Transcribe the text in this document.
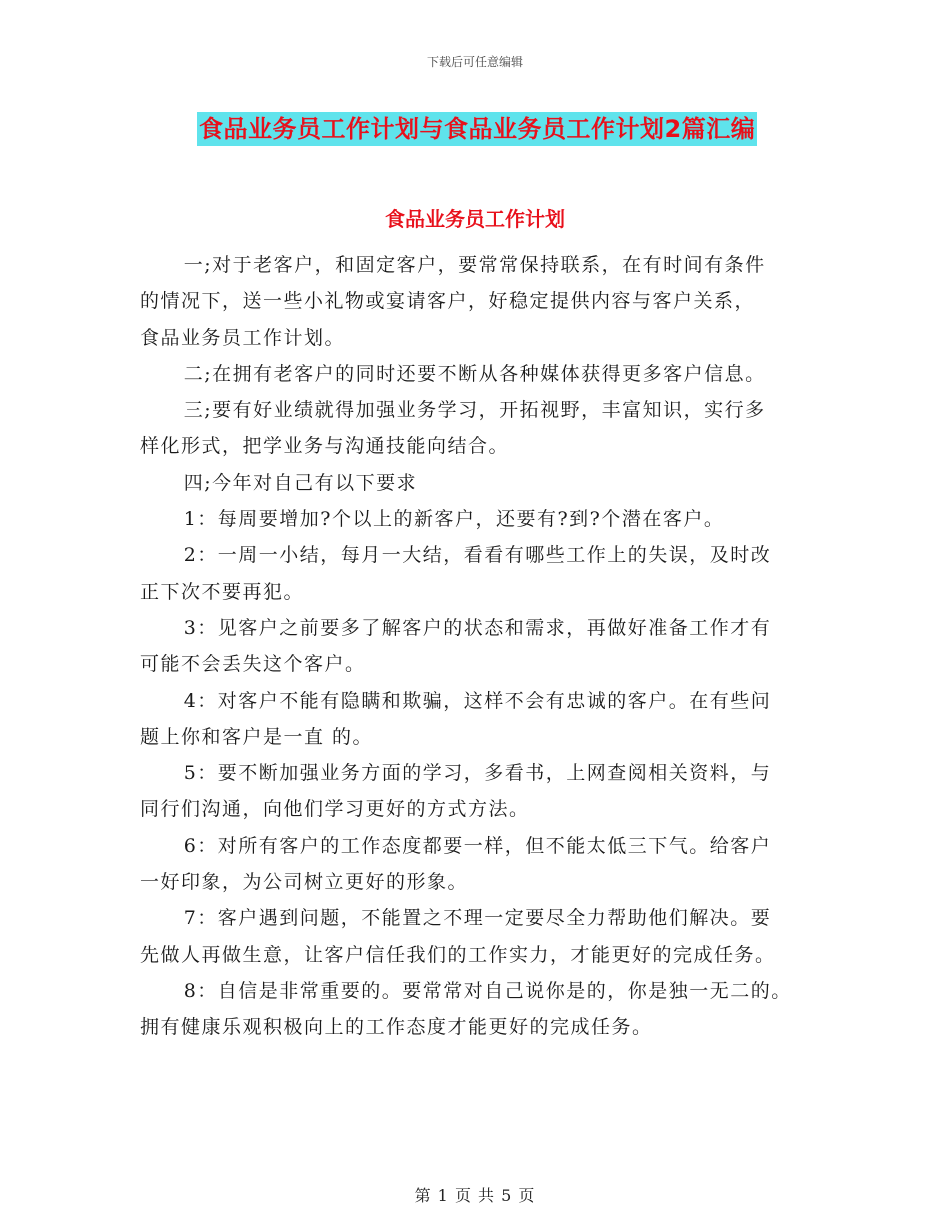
下载后可任意编辑
食品业务员工作计划与食品业务员工作计划2篇汇编
食品业务员工作计划

一;对于老客户，和固定客户，要常常保持联系，在有时间有条件

的情况下，送一些小礼物或宴请客户，好稳定提供内容与客户关系，

食品业务员工作计划。

二;在拥有老客户的同时还要不断从各种媒体获得更多客户信息。

三;要有好业绩就得加强业务学习，开拓视野，丰富知识，实行多

样化形式，把学业务与沟通技能向结合。

四;今年对自己有以下要求

1：每周要增加?个以上的新客户，还要有?到?个潜在客户。

2：一周一小结，每月一大结，看看有哪些工作上的失误，及时改

正下次不要再犯。

3：见客户之前要多了解客户的状态和需求，再做好准备工作才有

可能不会丢失这个客户。

4：对客户不能有隐瞒和欺骗，这样不会有忠诚的客户。在有些问

题上你和客户是一直 的。

5：要不断加强业务方面的学习，多看书，上网查阅相关资料，与

同行们沟通，向他们学习更好的方式方法。

6：对所有客户的工作态度都要一样，但不能太低三下气。给客户

一好印象，为公司树立更好的形象。

7：客户遇到问题，不能置之不理一定要尽全力帮助他们解决。要

先做人再做生意，让客户信任我们的工作实力，才能更好的完成任务。

8：自信是非常重要的。要常常对自己说你是的，你是独一无二的。

拥有健康乐观积极向上的工作态度才能更好的完成任务。

第 1 页 共 5 页
